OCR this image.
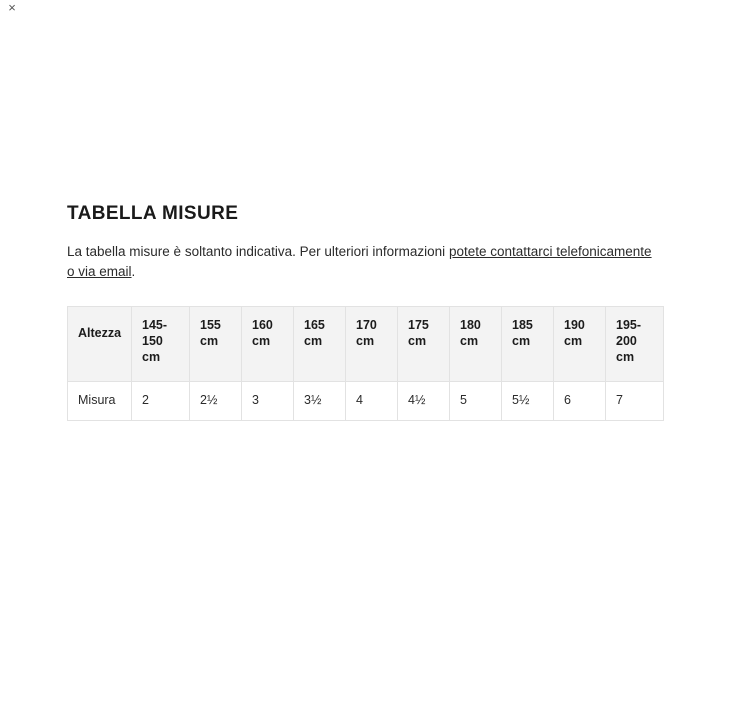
×
TABELLA MISURE

La tabella misure è soltanto indicativa. Per ulteriori informazioni potete contattarci telefonicamente o via email.

Altezza	145-150 cm	155 cm	160 cm	165 cm	170 cm	175 cm	180 cm	185 cm	190 cm	195-200 cm
Misura	2	2½	3	3½	4	4½	5	5½	6	7
